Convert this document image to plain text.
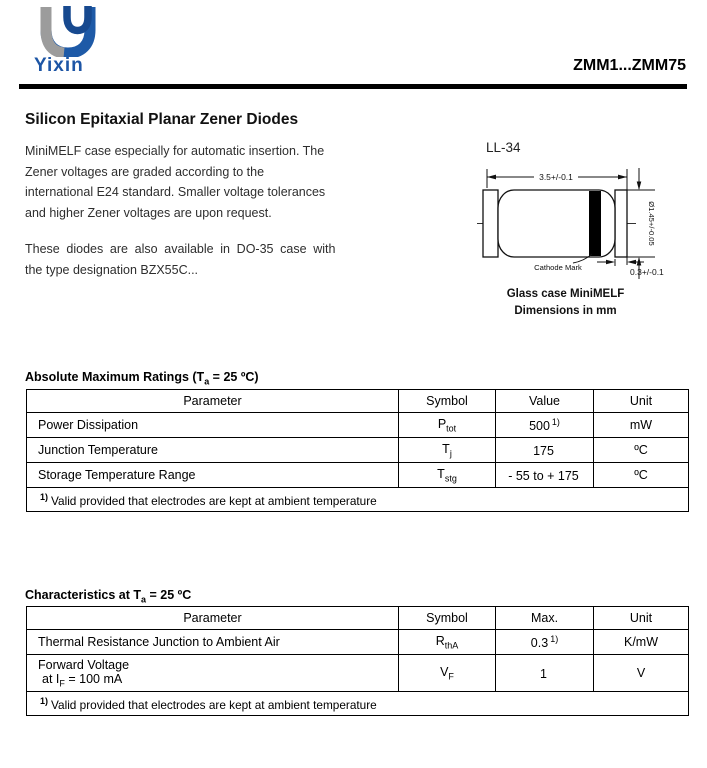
Yixin	ZMM1...ZMM75
Silicon Epitaxial Planar Zener Diodes
MiniMELF case especially for automatic insertion. The
Zener voltages are graded according to the
international E24 standard. Smaller voltage tolerances
and higher Zener voltages are upon request.
These diodes are also available in DO-35 case with
the type designation BZX55C...
LL-34
3.5+/-0.1
Ø1.45+/-0.05
Cathode Mark	0.3+/-0.1
Glass case MiniMELF
Dimensions in mm
Absolute Maximum Ratings ($T_a = 25$ ºC)
Parameter	Symbol	Value	Unit
Power Dissipation	$P_{tot}$	500 $^{1)}$	mW
Junction Temperature	$T_j$	175	ºC
Storage Temperature Range	$T_{stg}$	- 55 to + 175	ºC
$^{1)}$ Valid provided that electrodes are kept at ambient temperature			
Characteristics at $T_a = 25$ ºC
Parameter	Symbol	Max.	Unit
Thermal Resistance Junction to Ambient Air	$R_{thA}$	0.3 $^{1)}$	K/mW

Forward Voltage
at $I_F = 100$ mA	$V_F$	1	V
$^{1)}$ Valid provided that electrodes are kept at ambient temperature			
